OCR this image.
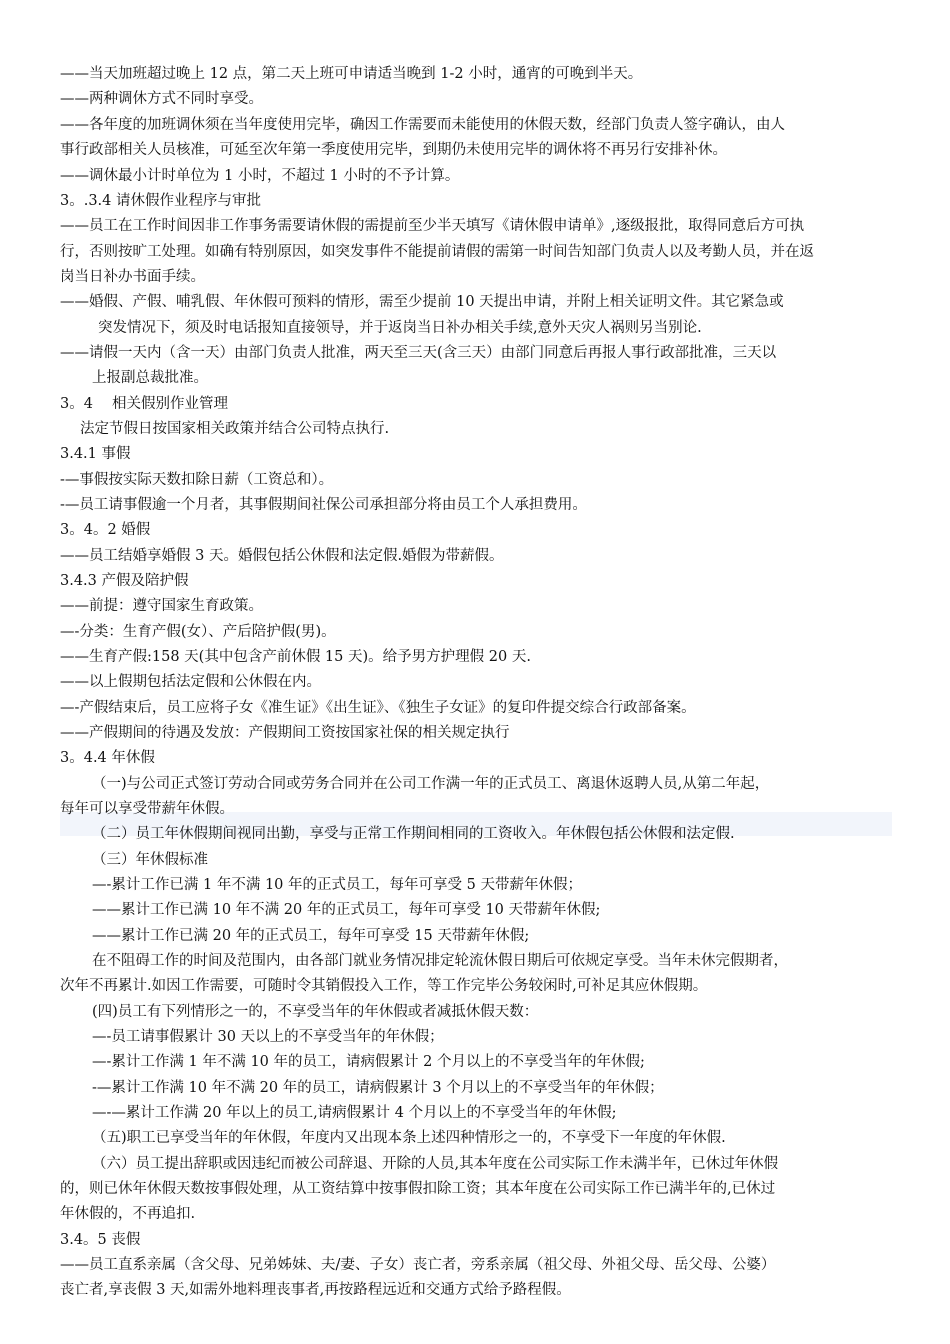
——当天加班超过晚上 12 点，第二天上班可申请适当晚到 1-2 小时，通宵的可晚到半天。
——两种调休方式不同时享受。
——各年度的加班调休须在当年度使用完毕，确因工作需要而未能使用的休假天数，经部门负责人签字确认，由人
事行政部相关人员核准，可延至次年第一季度使用完毕，到期仍未使用完毕的调休将不再另行安排补休。
——调休最小计时单位为 1 小时，不超过 1 小时的不予计算。
3。.3.4 请休假作业程序与审批
——员工在工作时间因非工作事务需要请休假的需提前至少半天填写《请休假申请单》,逐级报批，取得同意后方可执
行，否则按旷工处理。如确有特别原因，如突发事件不能提前请假的需第一时间告知部门负责人以及考勤人员，并在返
岗当日补办书面手续。
——婚假、产假、哺乳假、年休假可预料的情形，需至少提前 10 天提出申请，并附上相关证明文件。其它紧急或
突发情况下，须及时电话报知直接领导，并于返岗当日补办相关手续,意外天灾人祸则另当别论.
——请假一天内（含一天）由部门负责人批准，两天至三天(含三天）由部门同意后再报人事行政部批准，三天以
上报副总裁批准。
3。4　 相关假别作业管理
法定节假日按国家相关政策并结合公司特点执行.
3.4.1 事假
-—事假按实际天数扣除日薪（工资总和）。
-—员工请事假逾一个月者，其事假期间社保公司承担部分将由员工个人承担费用。
3。4。2 婚假
——员工结婚享婚假 3 天。婚假包括公休假和法定假.婚假为带薪假。
3.4.3 产假及陪护假
——前提：遵守国家生育政策。
—-分类：生育产假(女）、产后陪护假(男)。
——生育产假:158 天(其中包含产前休假 15 天)。给予男方护理假 20 天.
——以上假期包括法定假和公休假在内。
—-产假结束后，员工应将子女《准生证》《出生证》、《独生子女证》的复印件提交综合行政部备案。
——产假期间的待遇及发放：产假期间工资按国家社保的相关规定执行
3。4.4 年休假
（一)与公司正式签订劳动合同或劳务合同并在公司工作满一年的正式员工、离退休返聘人员,从第二年起，
每年可以享受带薪年休假。
（二）员工年休假期间视同出勤，享受与正常工作期间相同的工资收入。年休假包括公休假和法定假.
（三）年休假标准
—-累计工作已满 1 年不满 10 年的正式员工，每年可享受 5 天带薪年休假；
——累计工作已满 10 年不满 20 年的正式员工，每年可享受 10 天带薪年休假;
——累计工作已满 20 年的正式员工，每年可享受 15 天带薪年休假;
在不阻碍工作的时间及范围内，由各部门就业务情况排定轮流休假日期后可依规定享受。当年未休完假期者，
次年不再累计.如因工作需要，可随时令其销假投入工作，等工作完毕公务较闲时,可补足其应休假期。
(四)员工有下列情形之一的，不享受当年的年休假或者减抵休假天数：
—-员工请事假累计 30 天以上的不享受当年的年休假；
—-累计工作满 1 年不满 10 年的员工，请病假累计 2 个月以上的不享受当年的年休假;
-—累计工作满 10 年不满 20 年的员工，请病假累计 3 个月以上的不享受当年的年休假；
—-—累计工作满 20 年以上的员工,请病假累计 4 个月以上的不享受当年的年休假;
（五)职工已享受当年的年休假，年度内又出现本条上述四种情形之一的，不享受下一年度的年休假.
（六）员工提出辞职或因违纪而被公司辞退、开除的人员,其本年度在公司实际工作未满半年，已休过年休假
的，则已休年休假天数按事假处理，从工资结算中按事假扣除工资；其本年度在公司实际工作已满半年的,已休过
年休假的，不再追扣.
3.4。5 丧假
——员工直系亲属（含父母、兄弟姊妹、夫/妻、子女）丧亡者，旁系亲属（祖父母、外祖父母、岳父母、公婆）
丧亡者,享丧假 3 天,如需外地料理丧事者,再按路程远近和交通方式给予路程假。
